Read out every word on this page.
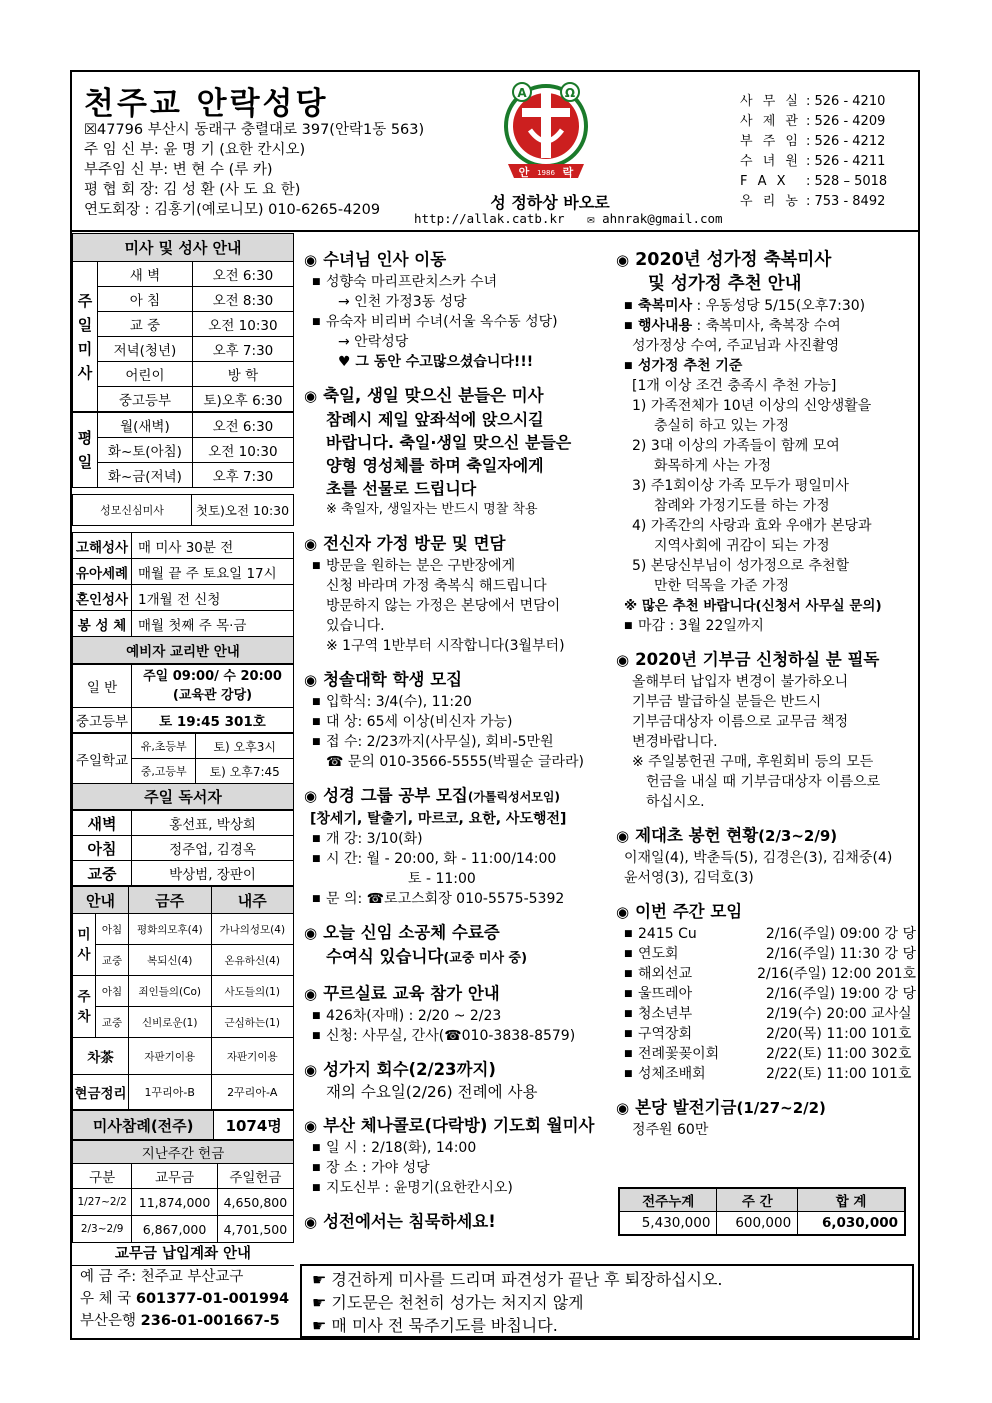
천주교 안락성당
☒47796 부산시 동래구 충렬대로 397(안락1동 563)
주 임 신 부: 윤 명 기 (요한 칸시오)
부주임 신 부: 변 현 수 (루 카)
평 협 회 장: 김 성 환 (사 도 요 한)
연도회장 : 김홍기(예로니모) 010-6265-4209
A	Ω
안 1986 락
성 정하상 바오로
http://allak.catb.kr ✉ ahnrak@gmail.com
사 무 실 : 526 - 4210
사 제 관 : 526 - 4209
부 주 임 : 526 - 4212
수 녀 원 : 526 - 4211
F A X	: 528 – 5018
우 리 농 : 753 - 8492
미사 및 성사 안내		
주
일
미
사	새 벽	오전 6:30
	아 침	오전 8:30
	교 중	오전 10:30
	저녁(청년)	오후 7:30
	어린이	방 학
	중고등부	토)오후 6:30
평
일	월(새벽)	오전 6:30
	화~토(아침)	오전 10:30
	화~금(저녁)	오후 7:30
성모신심미사	첫토)오전 10:30
고해성사	매 미사 30분 전
유아세례	매월 끝 주 토요일 17시
혼인성사	1개월 전 신청
봉 성 체	매월 첫째 주 목·금
예비자 교리반 안내	
일 반	주일 09:00/ 수 20:00
(교육관 강당)
중고등부	토 19:45 301호
주일학교	유,초등부	토) 오후3시
	중,고등부	토) 오후7:45
주일 독서자		
새벽	홍선표, 박상희
아침	정주업, 김경옥
교중	박상범, 장판이
안내		금주	내주
미
사	아침	평화의모후(4)	가나의성모(4)
	교중	복되신(4)	온유하신(4)
주
차	아침	죄인들의(Co)	사도들의(1)
	교중	신비로운(1)	근심하는(1)
차茶		자판기이용	자판기이용
현금정리		1꾸리아-B	2꾸리아-A
미사참례(전주)	1074명
지난주간 헌금		
구분	교무금	주일헌금
1/27~2/2	11,874,000	4,650,800
2/3~2/9	6,867,000	4,701,500
교무금 납입계좌 안내
예 금 주: 천주교 부산교구
우 체 국 601377-01-001994
부산은행 236-01-001667-5
◉ 수녀님 인사 이동
■ 성향숙 마리프란치스카 수녀
→ 인천 가정3동 성당
■ 유숙자 비리버 수녀(서울 옥수동 성당)
→ 안락성당
♥ 그 동안 수고많으셨습니다!!!
◉ 축일, 생일 맞으신 분들은 미사
참례시 제일 앞좌석에 앉으시길
바랍니다. 축일·생일 맞으신 분들은
양형 영성체를 하며 축일자에게
초를 선물로 드립니다
※ 축일자, 생일자는 반드시 명찰 착용
◉ 전신자 가정 방문 및 면담
■ 방문을 원하는 분은 구반장에게
신청 바라며 가정 축복식 해드립니다
방문하지 않는 가정은 본당에서 면담이
있습니다.
※ 1구역 1반부터 시작합니다(3월부터)
◉ 청솔대학 학생 모집
■ 입학식: 3/4(수), 11:20
■ 대 상: 65세 이상(비신자 가능)
■ 접 수: 2/23까지(사무실), 회비-5만원
☎ 문의 010-3566-5555(박필순 글라라)
◉ 성경 그룹 공부 모집(가톨릭성서모임)
[창세기, 탈출기, 마르코, 요한, 사도행전]
■ 개 강: 3/10(화)
■ 시 간: 월 - 20:00, 화 - 11:00/14:00
토 - 11:00
■ 문 의: ☎로고스회장 010-5575-5392
◉ 오늘 신임 소공체 수료증
수여식 있습니다(교중 미사 중)
◉ 꾸르실료 교육 참가 안내
■ 426차(자매) : 2/20 ~ 2/23
■ 신청: 사무실, 간사(☎010-3838-8579)
◉ 성가지 회수(2/23까지)
재의 수요일(2/26) 전례에 사용
◉ 부산 체나콜로(다락방) 기도회 월미사
■ 일 시 : 2/18(화), 14:00
■ 장 소 : 가야 성당
■ 지도신부 : 윤명기(요한칸시오)
◉ 성전에서는 침묵하세요!
◉ 2020년 성가정 축복미사
및 성가정 추천 안내
■ 축복미사 : 우동성당 5/15(오후7:30)
■ 행사내용 : 축복미사, 축복장 수여
성가정상 수여, 주교님과 사진촬영
■ 성가정 추천 기준
[1개 이상 조건 충족시 추천 가능]
1) 가족전체가 10년 이상의 신앙생활을
충실히 하고 있는 가정
2) 3대 이상의 가족들이 함께 모여
화목하게 사는 가정
3) 주1회이상 가족 모두가 평일미사
참례와 가정기도를 하는 가정
4) 가족간의 사랑과 효와 우애가 본당과
지역사회에 귀감이 되는 가정
5) 본당신부님이 성가정으로 추천할
만한 덕목을 가준 가정
※ 많은 추천 바랍니다(신청서 사무실 문의)
■ 마감 : 3월 22일까지
◉ 2020년 기부금 신청하실 분 필독
올해부터 납입자 변경이 불가하오니
기부금 발급하실 분들은 반드시
기부금대상자 이름으로 교무금 책정
변경바랍니다.
※ 주일봉헌권 구매, 후원회비 등의 모든
헌금을 내실 때 기부금대상자 이름으로
하십시오.
◉ 제대초 봉헌 현황(2/3~2/9)
이재일(4), 박춘득(5), 김경은(3), 김채중(4)
윤서영(3), 김덕호(3)
◉ 이번 주간 모임
■ 2415 Cu	2/16(주일) 09:00 강 당
■ 연도회	2/16(주일) 11:30 강 당
■ 해외선교	2/16(주일) 12:00 201호
■ 울뜨레아	2/16(주일) 19:00 강 당
■ 청소년부	2/19(수) 20:00 교사실
■ 구역장회	2/20(목) 11:00 101호
■ 전례꽃꽂이회	2/22(토) 11:00 302호
■ 성체조배회	2/22(토) 11:00 101호
◉ 본당 발전기금(1/27~2/2)
정주원 60만
전주누계	주 간	합 계
5,430,000	600,000	6,030,000
☛ 경건하게 미사를 드리며 파견성가 끝난 후 퇴장하십시오.
☛ 기도문은 천천히 성가는 처지지 않게
☛ 매 미사 전 묵주기도를 바칩니다.
